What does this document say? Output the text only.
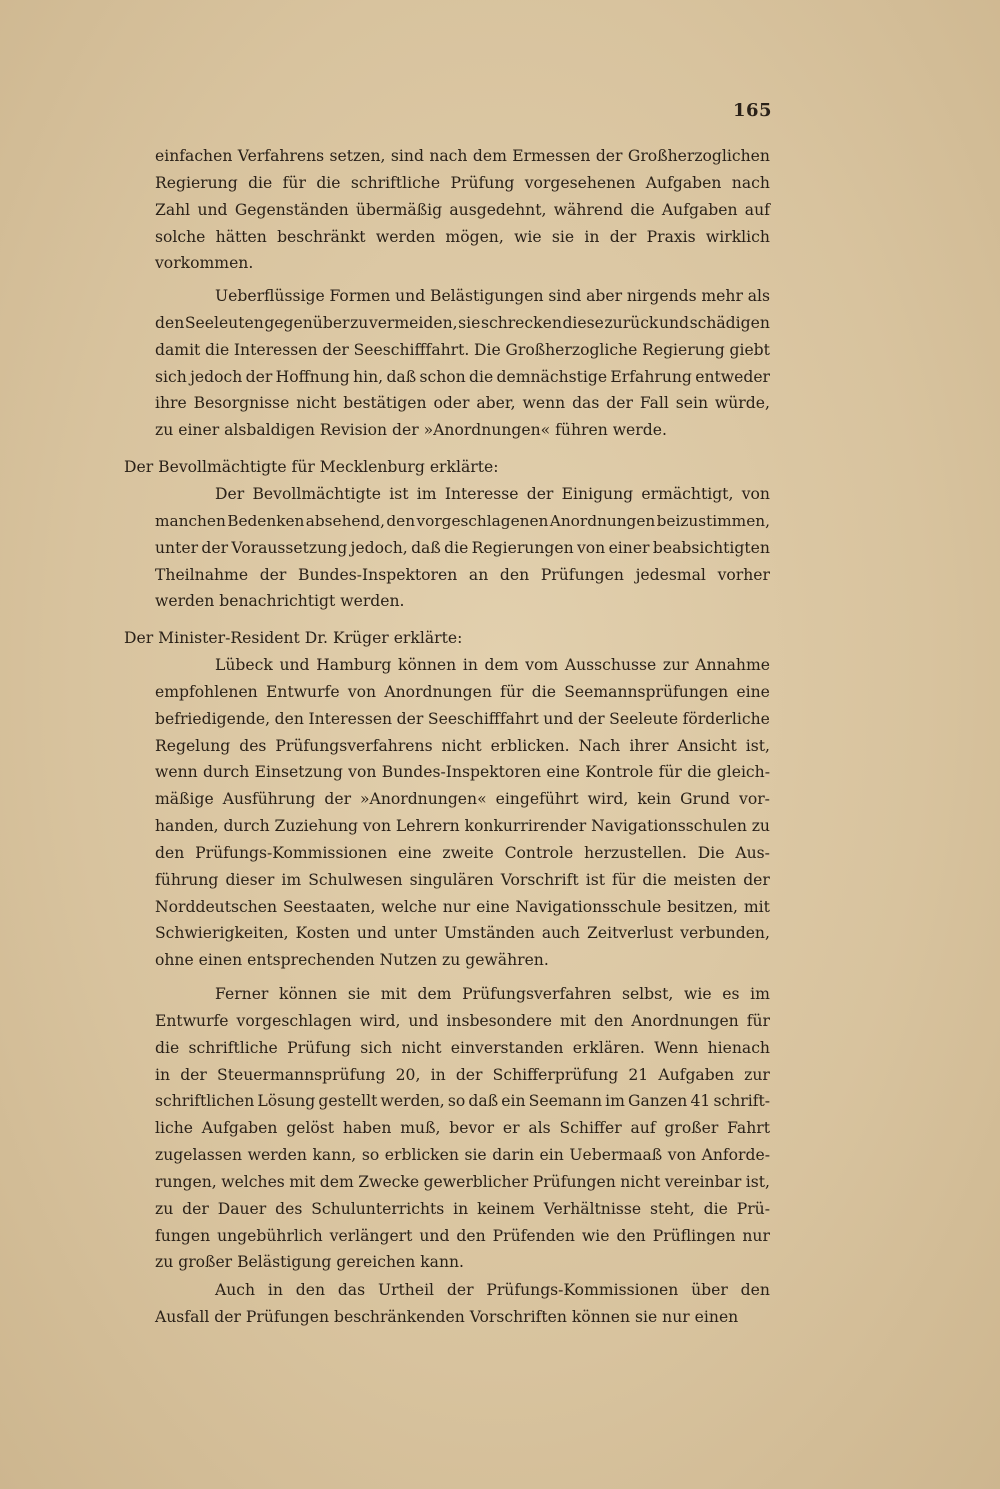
165
einfachen Verfahrens setzen, sind nach dem Ermessen der Großherzoglichen
Regierung die für die schriftliche Prüfung vorgesehenen Aufgaben nach
Zahl und Gegenständen übermäßig ausgedehnt, während die Aufgaben auf
solche hätten beschränkt werden mögen, wie sie in der Praxis wirklich
vorkommen.
Ueberflüssige Formen und Belästigungen sind aber nirgends mehr als
den Seeleuten gegenüber zu vermeiden, sie schrecken diese zurück und schädigen
damit die Interessen der Seeschifffahrt. Die Großherzogliche Regierung giebt
sich jedoch der Hoffnung hin, daß schon die demnächstige Erfahrung entweder
ihre Besorgnisse nicht bestätigen oder aber, wenn das der Fall sein würde,
zu einer alsbaldigen Revision der »Anordnungen« führen werde.
Der Bevollmächtigte ist im Interesse der Einigung ermächtigt, von
manchen Bedenken absehend, den vorgeschlagenen Anordnungen beizustimmen,
unter der Voraussetzung jedoch, daß die Regierungen von einer beabsichtigten
Theilnahme der Bundes-Inspektoren an den Prüfungen jedesmal vorher
werden benachrichtigt werden.
Lübeck und Hamburg können in dem vom Ausschusse zur Annahme
empfohlenen Entwurfe von Anordnungen für die Seemannsprüfungen eine
befriedigende, den Interessen der Seeschifffahrt und der Seeleute förderliche
Regelung des Prüfungsverfahrens nicht erblicken. Nach ihrer Ansicht ist,
wenn durch Einsetzung von Bundes-Inspektoren eine Kontrole für die gleich-
mäßige Ausführung der »Anordnungen« eingeführt wird, kein Grund vor-
handen, durch Zuziehung von Lehrern konkurrirender Navigationsschulen zu
den Prüfungs-Kommissionen eine zweite Controle herzustellen. Die Aus-
führung dieser im Schulwesen singulären Vorschrift ist für die meisten der
Norddeutschen Seestaaten, welche nur eine Navigationsschule besitzen, mit
Schwierigkeiten, Kosten und unter Umständen auch Zeitverlust verbunden,
ohne einen entsprechenden Nutzen zu gewähren.
Ferner können sie mit dem Prüfungsverfahren selbst, wie es im
Entwurfe vorgeschlagen wird, und insbesondere mit den Anordnungen für
die schriftliche Prüfung sich nicht einverstanden erklären. Wenn hienach
in der Steuermannsprüfung 20, in der Schifferprüfung 21 Aufgaben zur
schriftlichen Lösung gestellt werden, so daß ein Seemann im Ganzen 41 schrift-
liche Aufgaben gelöst haben muß, bevor er als Schiffer auf großer Fahrt
zugelassen werden kann, so erblicken sie darin ein Uebermaaß von Anforde-
rungen, welches mit dem Zwecke gewerblicher Prüfungen nicht vereinbar ist,
zu der Dauer des Schulunterrichts in keinem Verhältnisse steht, die Prü-
fungen ungebührlich verlängert und den Prüfenden wie den Prüflingen nur
zu großer Belästigung gereichen kann.
Auch in den das Urtheil der Prüfungs-Kommissionen über den
Ausfall der Prüfungen beschränkenden Vorschriften können sie nur einen
Der Bevollmächtigte für Mecklenburg erklärte:
Der Minister-Resident Dr. Krüger erklärte:
